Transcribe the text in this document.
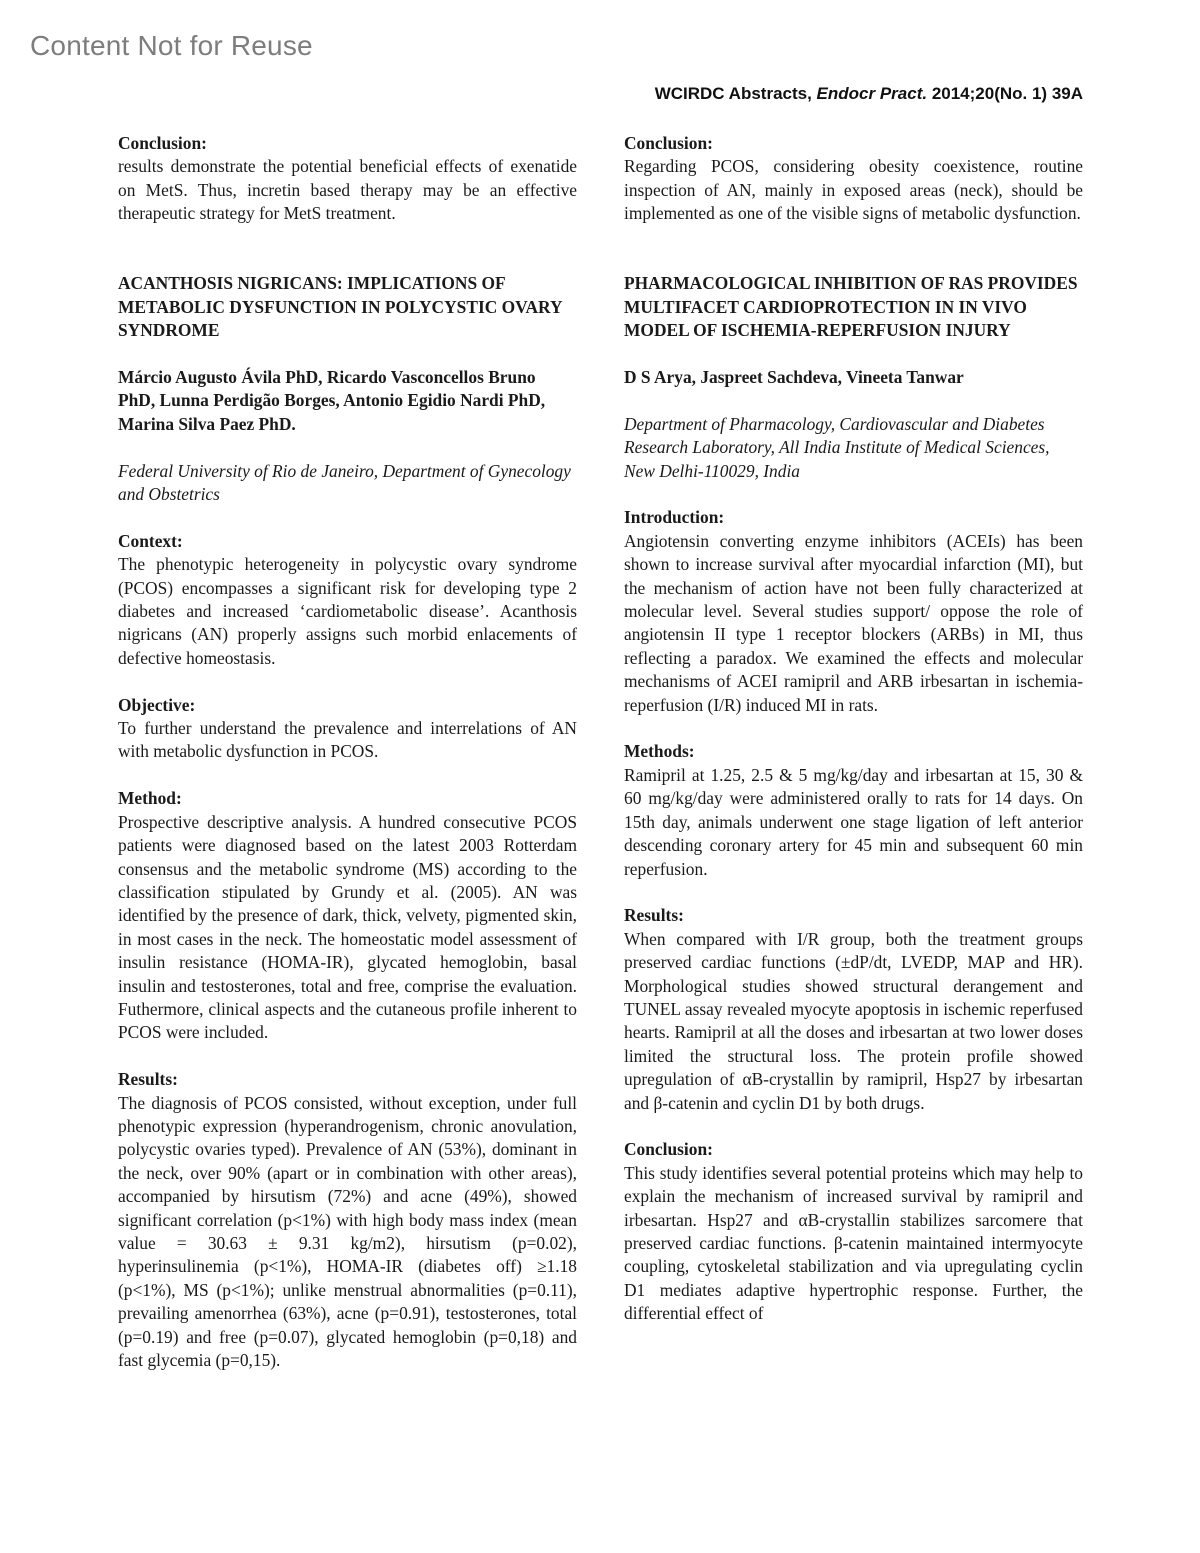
Content Not for Reuse
WCIRDC Abstracts, Endocr Pract. 2014;20(No. 1) 39A
Conclusion:

results demonstrate the potential beneficial effects of exenatide on MetS. Thus, incretin based therapy may be an effective therapeutic strategy for MetS treatment.

ACANTHOSIS NIGRICANS: IMPLICATIONS OF METABOLIC DYSFUNCTION IN POLYCYSTIC OVARY SYNDROME
Márcio Augusto Ávila PhD, Ricardo Vasconcellos Bruno PhD, Lunna Perdigão Borges, Antonio Egidio Nardi PhD, Marina Silva Paez PhD.
Federal University of Rio de Janeiro, Department of Gynecology and Obstetrics
Context:

The phenotypic heterogeneity in polycystic ovary syndrome (PCOS) encompasses a significant risk for developing type 2 diabetes and increased ‘cardiometabolic disease’. Acanthosis nigricans (AN) properly assigns such morbid enlacements of defective homeostasis.

Objective:

To further understand the prevalence and interrelations of AN with metabolic dysfunction in PCOS.

Method:

Prospective descriptive analysis. A hundred consecutive PCOS patients were diagnosed based on the latest 2003 Rotterdam consensus and the metabolic syndrome (MS) according to the classification stipulated by Grundy et al. (2005). AN was identified by the presence of dark, thick, velvety, pigmented skin, in most cases in the neck. The homeostatic model assessment of insulin resistance (HOMA-IR), glycated hemoglobin, basal insulin and testosterones, total and free, comprise the evaluation. Futhermore, clinical aspects and the cutaneous profile inherent to PCOS were included.

Results:

The diagnosis of PCOS consisted, without exception, under full phenotypic expression (hyperandrogenism, chronic anovulation, polycystic ovaries typed). Prevalence of AN (53%), dominant in the neck, over 90% (apart or in combination with other areas), accompanied by hirsutism (72%) and acne (49%), showed significant correlation (p<1%) with high body mass index (mean value = 30.63 ± 9.31 kg/m2), hirsutism (p=0.02), hyperinsulinemia (p<1%), HOMA-IR (diabetes off) ≥1.18 (p<1%), MS (p<1%); unlike menstrual abnormalities (p=0.11), prevailing amenorrhea (63%), acne (p=0.91), testosterones, total (p=0.19) and free (p=0.07), glycated hemoglobin (p=0,18) and fast glycemia (p=0,15).

Conclusion:

Regarding PCOS, considering obesity coexistence, routine inspection of AN, mainly in exposed areas (neck), should be implemented as one of the visible signs of metabolic dysfunction.

PHARMACOLOGICAL INHIBITION OF RAS PROVIDES MULTIFACET CARDIOPROTECTION IN IN VIVO MODEL OF ISCHEMIA-REPERFUSION INJURY
D S Arya, Jaspreet Sachdeva, Vineeta Tanwar
Department of Pharmacology, Cardiovascular and Diabetes Research Laboratory, All India Institute of Medical Sciences, New Delhi-110029, India
Introduction:

Angiotensin converting enzyme inhibitors (ACEIs) has been shown to increase survival after myocardial infarction (MI), but the mechanism of action have not been fully characterized at molecular level. Several studies support/ oppose the role of angiotensin II type 1 receptor blockers (ARBs) in MI, thus reflecting a paradox. We examined the effects and molecular mechanisms of ACEI ramipril and ARB irbesartan in ischemia-reperfusion (I/R) induced MI in rats.

Methods:

Ramipril at 1.25, 2.5 & 5 mg/kg/day and irbesartan at 15, 30 & 60 mg/kg/day were administered orally to rats for 14 days. On 15th day, animals underwent one stage ligation of left anterior descending coronary artery for 45 min and subsequent 60 min reperfusion.

Results:

When compared with I/R group, both the treatment groups preserved cardiac functions (±dP/dt, LVEDP, MAP and HR). Morphological studies showed structural derangement and TUNEL assay revealed myocyte apoptosis in ischemic reperfused hearts. Ramipril at all the doses and irbesartan at two lower doses limited the structural loss. The protein profile showed upregulation of αB-crystallin by ramipril, Hsp27 by irbesartan and β-catenin and cyclin D1 by both drugs.

Conclusion:

This study identifies several potential proteins which may help to explain the mechanism of increased survival by ramipril and irbesartan. Hsp27 and αB-crystallin stabilizes sarcomere that preserved cardiac functions. β-catenin maintained intermyocyte coupling, cytoskeletal stabilization and via upregulating cyclin D1 mediates adaptive hypertrophic response. Further, the differential effect of
